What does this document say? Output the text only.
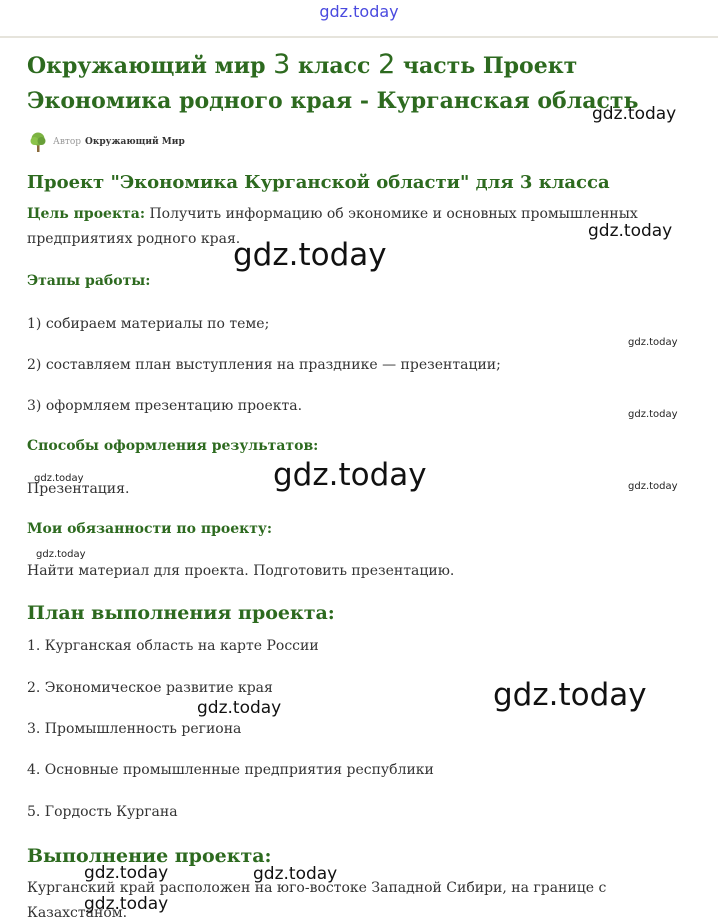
gdz.today
Окружающий мир 3 класс 2 часть Проект Экономика родного края - Курганская область
Автор Окружающий Мир
Проект "Экономика Курганской области" для 3 класса

Цель проекта: Получить информацию об экономике и основных промышленных предприятиях родного края.

Этапы работы:

1) собираем материалы по теме;

2) составляем план выступления на празднике — презентации;

3) оформляем презентацию проекта.

Способы оформления результатов:

Презентация.

Мои обязанности по проекту:

Найти материал для проекта. Подготовить презентацию.

План выполнения проекта:

1. Курганская область на карте России

2. Экономическое развитие края

3. Промышленность региона

4. Основные промышленные предприятия республики

5. Гордость Кургана

Выполнение проекта:

Курганский край расположен на юго-востоке Западной Сибири, на границе с Казахстаном.

gdz.today
gdz.today
gdz.today
gdz.today
gdz.today
gdz.today
gdz.today
gdz.today
gdz.today
gdz.today
gdz.today
gdz.today	gdz.today
gdz.today
